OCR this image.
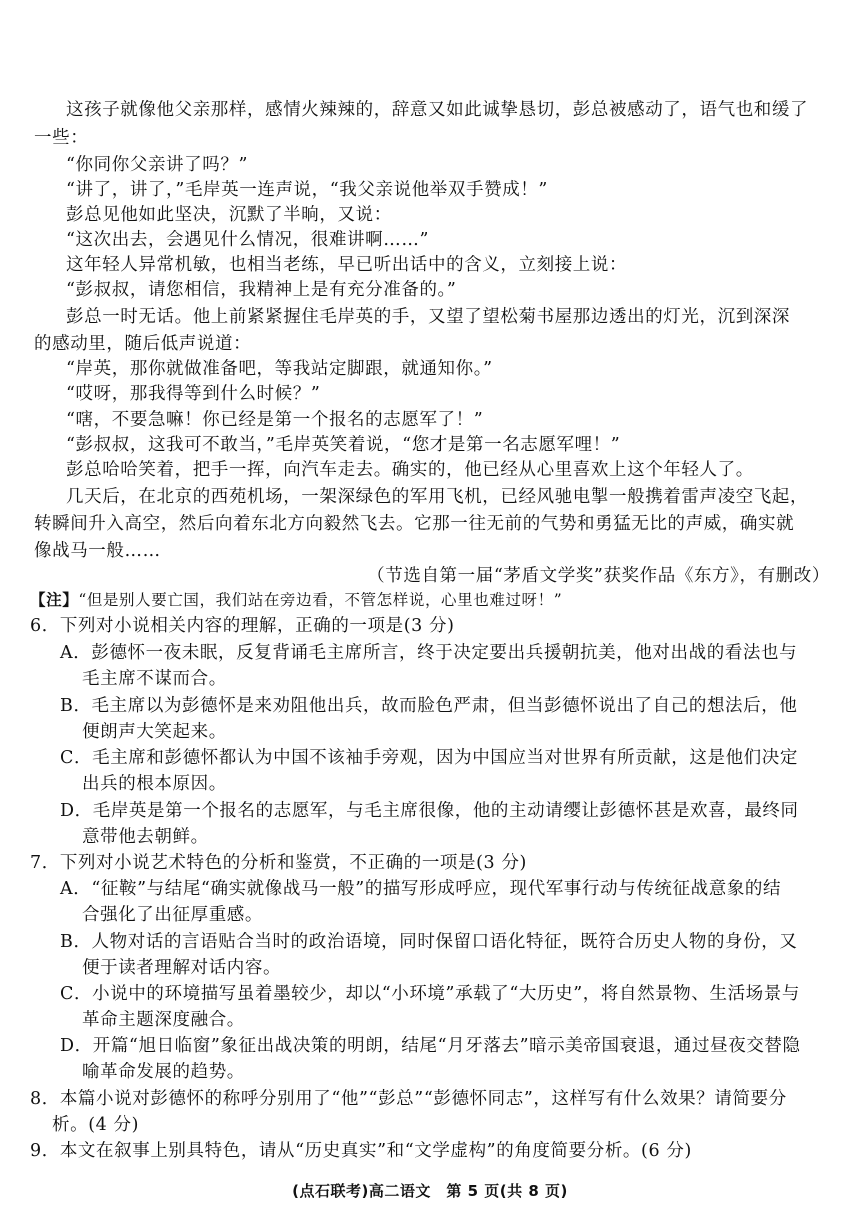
这孩子就像他父亲那样，感情火辣辣的，辞意又如此诚挚恳切，彭总被感动了，语气也和缓了
一些：
“你同你父亲讲了吗？”
“讲了，讲了，”毛岸英一连声说，“我父亲说他举双手赞成！”
彭总见他如此坚决，沉默了半晌，又说：
“这次出去，会遇见什么情况，很难讲啊……”
这年轻人异常机敏，也相当老练，早已听出话中的含义，立刻接上说：
“彭叔叔，请您相信，我精神上是有充分准备的。”
彭总一时无话。他上前紧紧握住毛岸英的手，又望了望松菊书屋那边透出的灯光，沉到深深
的感动里，随后低声说道：
“岸英，那你就做准备吧，等我站定脚跟，就通知你。”
“哎呀，那我得等到什么时候？”
“嗐，不要急嘛！你已经是第一个报名的志愿军了！”
“彭叔叔，这我可不敢当，”毛岸英笑着说，“您才是第一名志愿军哩！”
彭总哈哈笑着，把手一挥，向汽车走去。确实的，他已经从心里喜欢上这个年轻人了。
几天后，在北京的西苑机场，一架深绿色的军用飞机，已经风驰电掣一般携着雷声凌空飞起，
转瞬间升入高空，然后向着东北方向毅然飞去。它那一往无前的气势和勇猛无比的声威，确实就
像战马一般……
（节选自第一届“茅盾文学奖”获奖作品《东方》，有删改）
【注】“但是别人要亡国，我们站在旁边看，不管怎样说，心里也难过呀！”
6．下列对小说相关内容的理解，正确的一项是(3 分)
A．彭德怀一夜未眠，反复背诵毛主席所言，终于决定要出兵援朝抗美，他对出战的看法也与
毛主席不谋而合。
B．毛主席以为彭德怀是来劝阻他出兵，故而脸色严肃，但当彭德怀说出了自己的想法后，他
便朗声大笑起来。
C．毛主席和彭德怀都认为中国不该袖手旁观，因为中国应当对世界有所贡献，这是他们决定
出兵的根本原因。
D．毛岸英是第一个报名的志愿军，与毛主席很像，他的主动请缨让彭德怀甚是欢喜，最终同
意带他去朝鲜。
7．下列对小说艺术特色的分析和鉴赏，不正确的一项是(3 分)
A．“征鞍”与结尾“确实就像战马一般”的描写形成呼应，现代军事行动与传统征战意象的结
合强化了出征厚重感。
B．人物对话的言语贴合当时的政治语境，同时保留口语化特征，既符合历史人物的身份，又
便于读者理解对话内容。
C．小说中的环境描写虽着墨较少，却以“小环境”承载了“大历史”，将自然景物、生活场景与
革命主题深度融合。
D．开篇“旭日临窗”象征出战决策的明朗，结尾“月牙落去”暗示美帝国衰退，通过昼夜交替隐
喻革命发展的趋势。
8．本篇小说对彭德怀的称呼分别用了“他”“彭总”“彭德怀同志”，这样写有什么效果？请简要分
析。(4 分)
9．本文在叙事上别具特色，请从“历史真实”和“文学虚构”的角度简要分析。(6 分)
(点石联考)高二语文　第 5 页(共 8 页)
